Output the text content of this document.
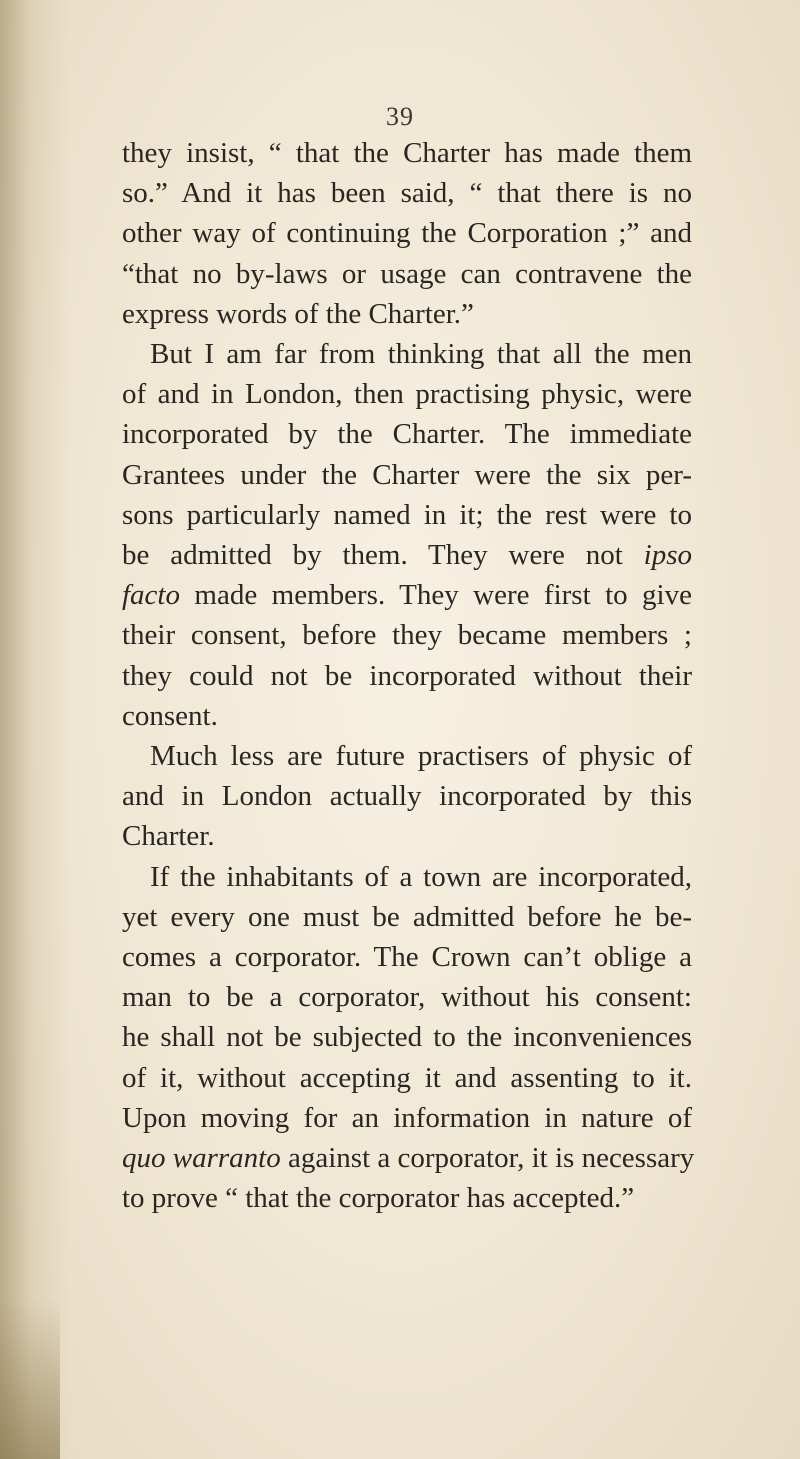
39

they insist, “ that the Charter has made them
so.” And it has been said, “ that there is no
other way of continuing the Corporation ;” and
“that no by-laws or usage can contravene the
express words of the Charter.”

But I am far from thinking that all the men
of and in London, then practising physic, were
incorporated by the Charter. The immediate
Grantees under the Charter were the six per-
sons particularly named in it; the rest were to
be admitted by them. They were not ipso
facto made members. They were first to give
their consent, before they became members ;
they could not be incorporated without their
consent.

Much less are future practisers of physic of
and in London actually incorporated by this
Charter.

If the inhabitants of a town are incorporated,
yet every one must be admitted before he be-
comes a corporator. The Crown can’t oblige a
man to be a corporator, without his consent:
he shall not be subjected to the inconveniences
of it, without accepting it and assenting to it.
Upon moving for an information in nature of
quo warranto against a corporator, it is necessary
to prove “ that the corporator has accepted.”
